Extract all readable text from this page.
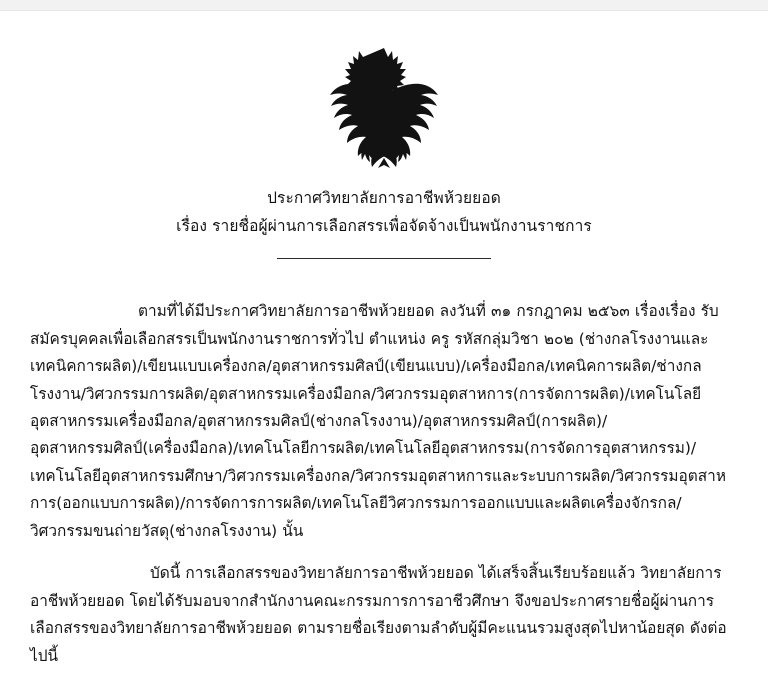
ประกาศวิทยาลัยการอาชีพห้วยยอด
เรื่อง รายชื่อผู้ผ่านการเลือกสรรเพื่อจัดจ้างเป็นพนักงานราชการ

ตามที่ได้มีประกาศวิทยาลัยการอาชีพห้วยยอด ลงวันที่ ๓๑ กรกฎาคม ๒๕๖๓ เรื่องเรื่อง รับสมัครบุคคลเพื่อเลือกสรรเป็นพนักงานราชการทั่วไป ตำแหน่ง ครู รหัสกลุ่มวิชา ๒๐๒ (ช่างกลโรงงานและเทคนิคการผลิต)/เขียนแบบเครื่องกล/อุตสาหกรรมศิลป์(เขียนแบบ)/เครื่องมือกล/เทคนิคการผลิต/ช่างกลโรงงาน/วิศวกรรมการผลิต/อุตสาหกรรมเครื่องมือกล/วิศวกรรมอุตสาหการ(การจัดการผลิต)/เทคโนโลยีอุตสาหกรรมเครื่องมือกล/อุตสาหกรรมศิลป์(ช่างกลโรงงาน)/อุตสาหกรรมศิลป์(การผลิต)/อุตสาหกรรมศิลป์(เครื่องมือกล)/เทคโนโลยีการผลิต/เทคโนโลยีอุตสาหกรรม(การจัดการอุตสาหกรรม)/เทคโนโลยีอุตสาหกรรมศึกษา/วิศวกรรมเครื่องกล/วิศวกรรมอุตสาหการและระบบการผลิต/วิศวกรรมอุตสาหการ(ออกแบบการผลิต)/การจัดการการผลิต/เทคโนโลยีวิศวกรรมการออกแบบและผลิตเครื่องจักรกล/วิศวกรรมขนถ่ายวัสดุ(ช่างกลโรงงาน) นั้น

บัดนี้ การเลือกสรรของวิทยาลัยการอาชีพห้วยยอด ได้เสร็จสิ้นเรียบร้อยแล้ว วิทยาลัยการอาชีพห้วยยอด โดยได้รับมอบจากสำนักงานคณะกรรมการการอาชีวศึกษา จึงขอประกาศรายชื่อผู้ผ่านการเลือกสรรของวิทยาลัยการอาชีพห้วยยอด ตามรายชื่อเรียงตามลำดับผู้มีคะแนนรวมสูงสุดไปหาน้อยสุด ดังต่อไปนี้
